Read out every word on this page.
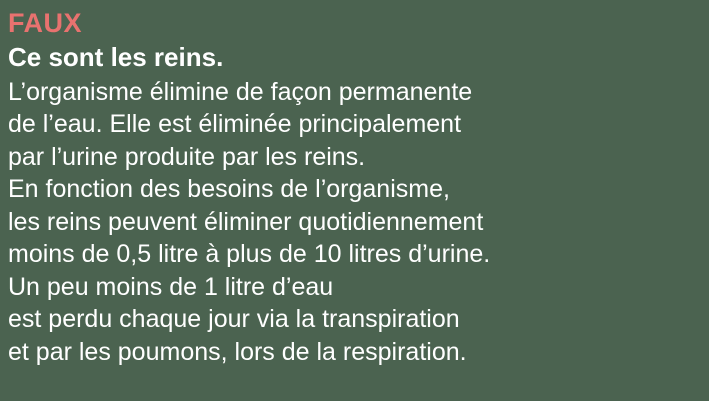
FAUX
Ce sont les reins.
L’organisme élimine de façon permanente
de l’eau. Elle est éliminée principalement
par l’urine produite par les reins.
En fonction des besoins de l’organisme,
les reins peuvent éliminer quotidiennement
moins de 0,5 litre à plus de 10 litres d’urine.
Un peu moins de 1 litre d’eau
est perdu chaque jour via la transpiration
et par les poumons, lors de la respiration.
